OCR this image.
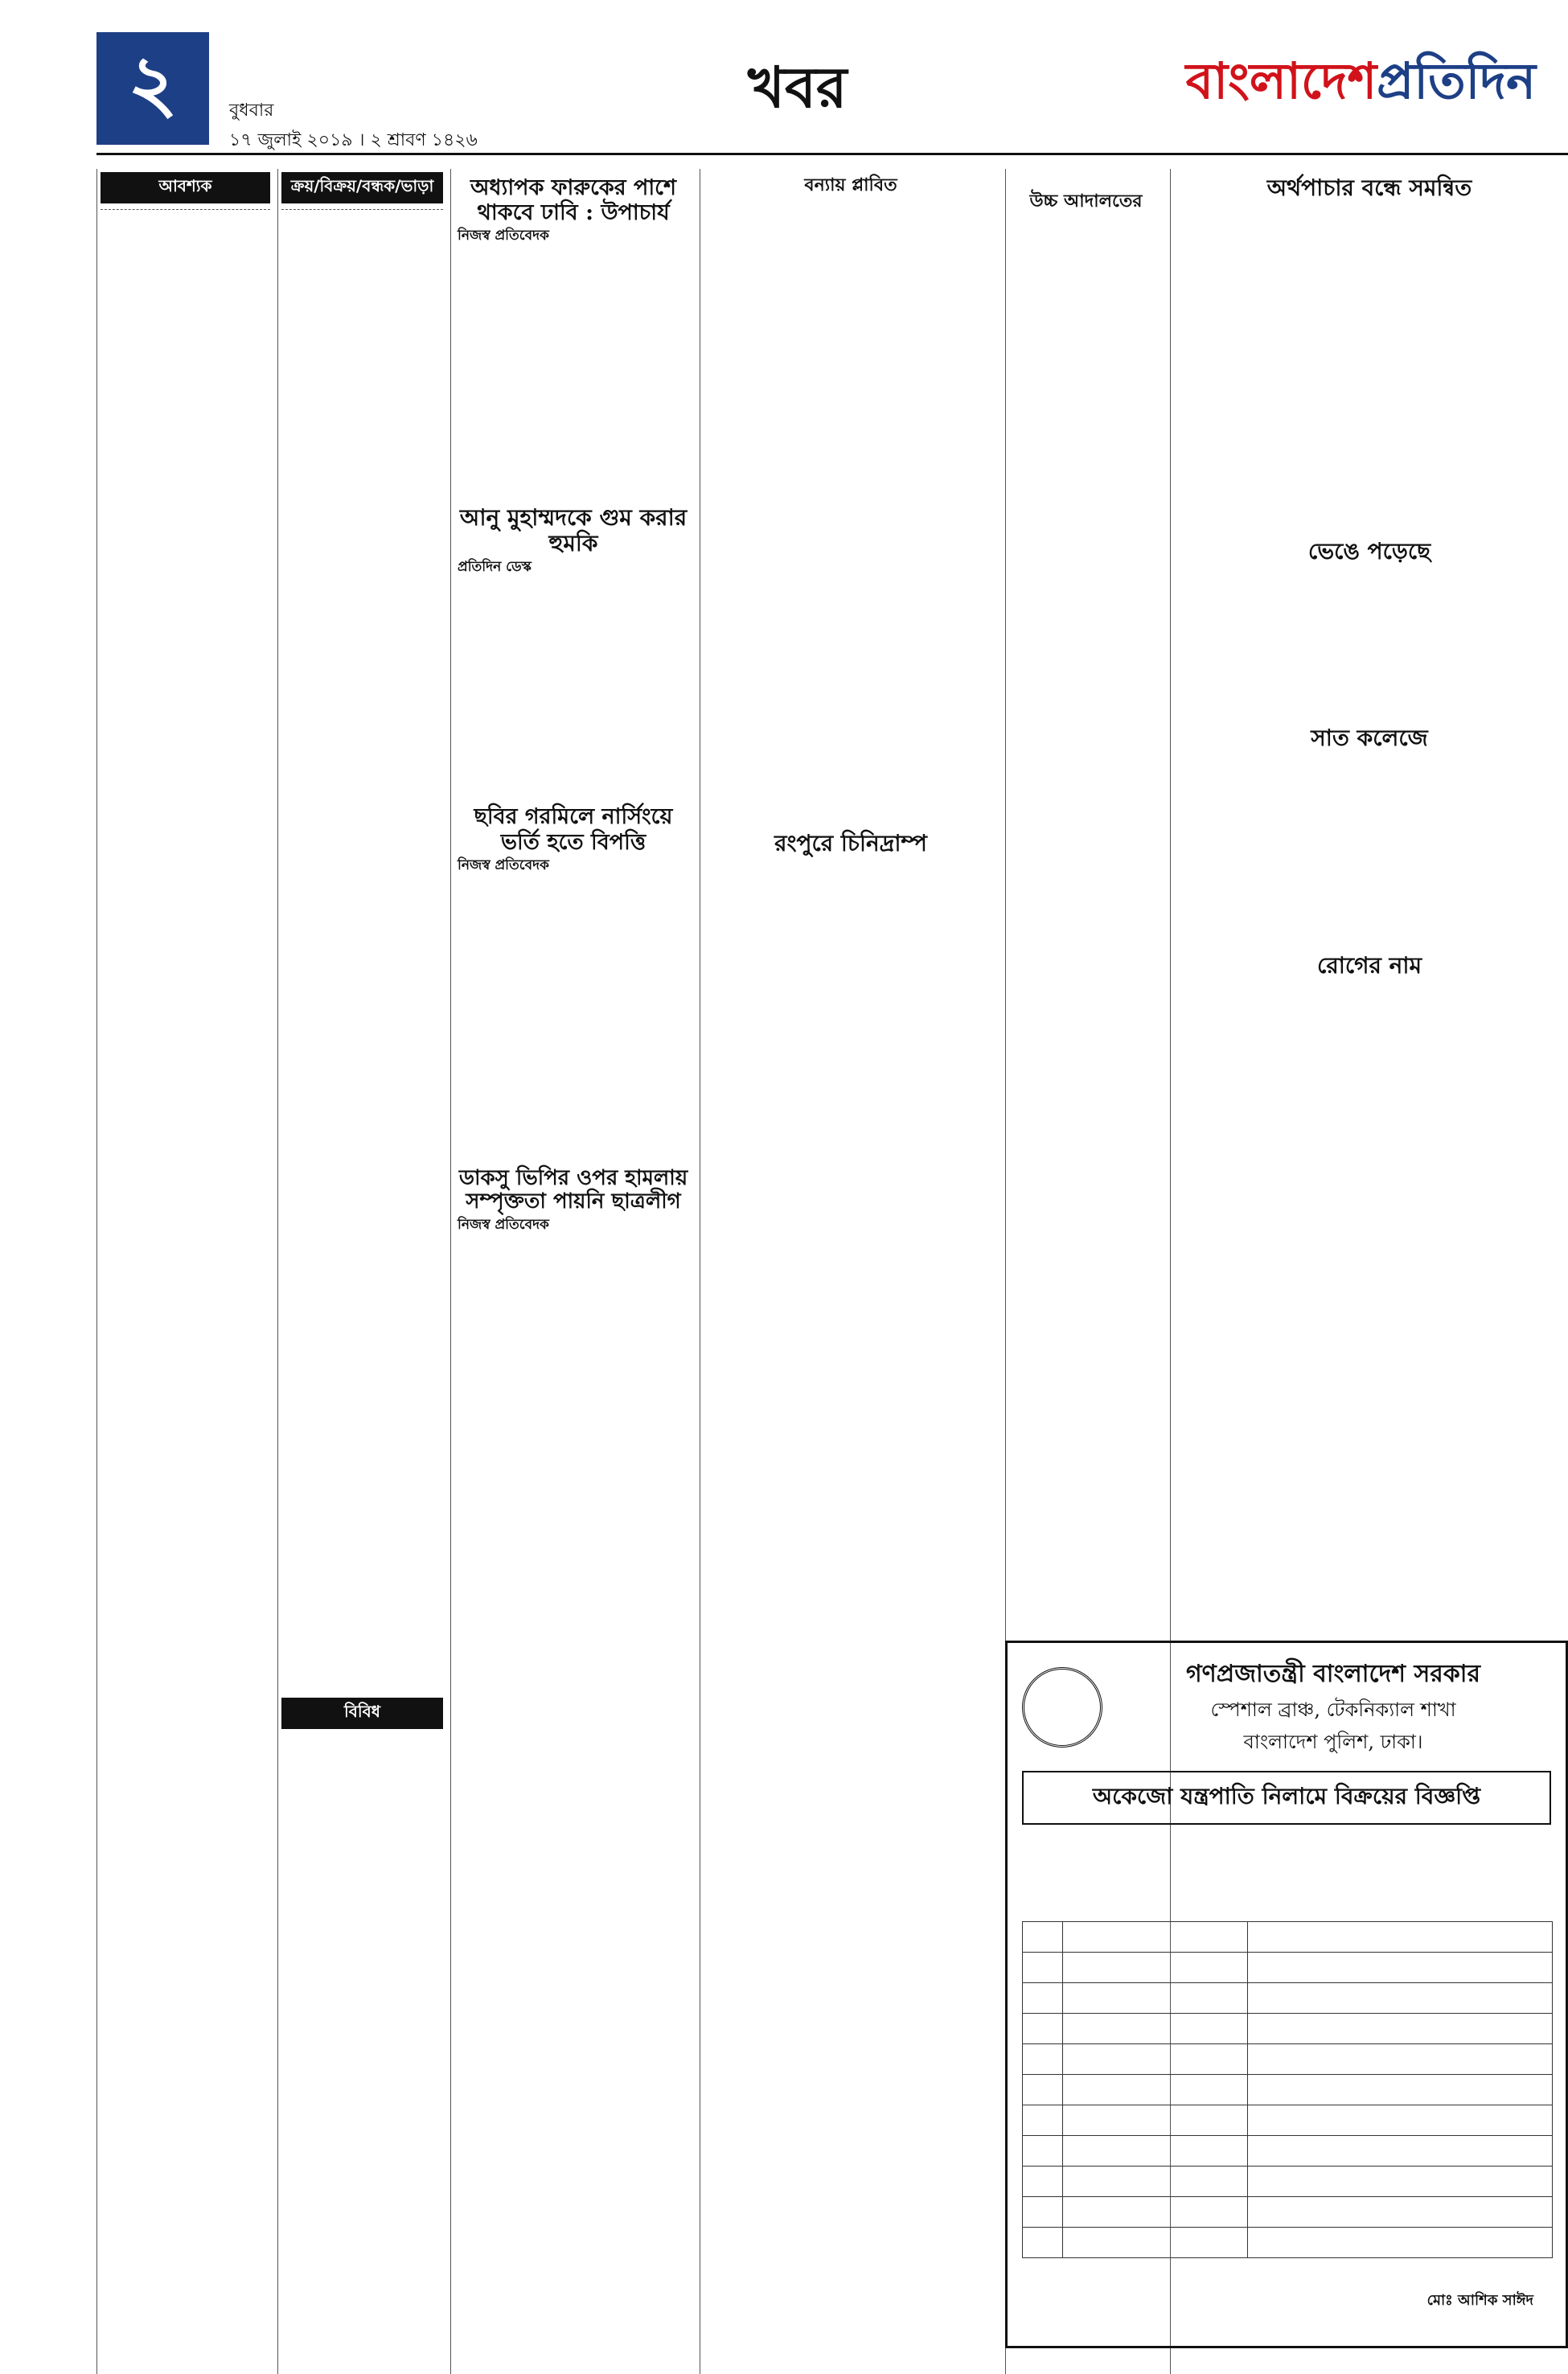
২	বুধবার
১৭ জুলাই ২০১৯ । ২ শ্রাবণ ১৪২৬
খবর	বাংলাদেশ প্রতিদিন
আবশ্যক	ক্রয়/বিক্রয়/বন্ধক/ভাড়া
বিবিধ
অধ্যাপক ফারুকের পাশে থাকবে ঢাবি : উপাচার্য
নিজস্ব প্রতিবেদক
আনু মুহাম্মদকে গুম করার হুমকি
প্রতিদিন ডেস্ক
ছবির গরমিলে নার্সিংয়ে ভর্তি হতে বিপত্তি
নিজস্ব প্রতিবেদক
ডাকসু ভিপির ওপর হামলায় সম্পৃক্ততা পায়নি ছাত্রলীগ
নিজস্ব প্রতিবেদক
বন্যায় প্লাবিত
রংপুরে চিনিদ্রাম্প
উচ্চ আদালতের	অর্থপাচার বন্ধে সমন্বিত
ভেঙে পড়েছে
সাত কলেজে
রোগের নাম
গণপ্রজাতন্ত্রী বাংলাদেশ সরকার
স্পেশাল ব্রাঞ্চ, টেকনিক্যাল শাখা
বাংলাদেশ পুলিশ, ঢাকা।
অকেজো যন্ত্রপাতি নিলামে বিক্রয়ের বিজ্ঞপ্তি

মোঃ আশিক সাঈদ
